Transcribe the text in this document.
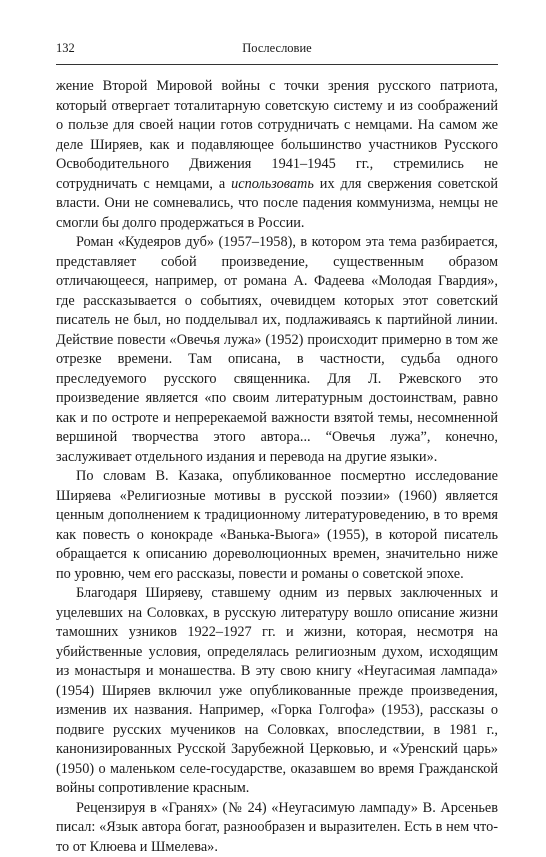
132	Послесловие

жение Второй Мировой войны с точки зрения русского патриота, который отвергает тоталитарную советскую систему и из соображений о пользе для своей нации готов сотрудничать с немцами. На самом же деле Ширяев, как и подавляющее большинство участников Русского Освободительного Движения 1941–1945 гг., стремились не сотрудничать с немцами, а использовать их для свержения советской власти. Они не сомневались, что после падения коммунизма, немцы не смогли бы долго продержаться в России.

Роман «Кудеяров дуб» (1957–1958), в котором эта тема разбирается, представляет собой произведение, существенным образом отличающееся, например, от романа А. Фадеева «Молодая Гвардия», где рассказывается о событиях, очевидцем которых этот советский писатель не был, но подделывал их, подлаживаясь к партийной линии. Действие повести «Овечья лужа» (1952) происходит примерно в том же отрезке времени. Там описана, в частности, судьба одного преследуемого русского священника. Для Л. Ржевского это произведение является «по своим литературным достоинствам, равно как и по остроте и непререкаемой важности взятой темы, несомненной вершиной творчества этого автора... “Овечья лужа”, конечно, заслуживает отдельного издания и перевода на другие языки».

По словам В. Казака, опубликованное посмертно исследование Ширяева «Религиозные мотивы в русской поэзии» (1960) является ценным дополнением к традиционному литературоведению, в то время как повесть о конокраде «Ванька-Выога» (1955), в которой писатель обращается к описанию дореволюционных времен, значительно ниже по уровню, чем его рассказы, повести и романы о советской эпохе.

Благодаря Ширяеву, ставшему одним из первых заключенных и уцелевших на Соловках, в русскую литературу вошло описание жизни тамошних узников 1922–1927 гг. и жизни, которая, несмотря на убийственные условия, определялась религиозным духом, исходящим из монастыря и монашества. В эту свою книгу «Неугасимая лампада» (1954) Ширяев включил уже опубликованные прежде произведения, изменив их названия. Например, «Горка Голгофа» (1953), рассказы о подвиге русских мучеников на Соловках, впоследствии, в 1981 г., канонизированных Русской Зарубежной Церковью, и «Уренский царь» (1950) о маленьком селе-государстве, оказавшем во время Гражданской войны сопротивление красным.

Рецензируя в «Гранях» (№ 24) «Неугасимую лампаду» В. Арсеньев писал: «Язык автора богат, разнообразен и выразителен. Есть в нем что-то от Клюева и Шмелева».
